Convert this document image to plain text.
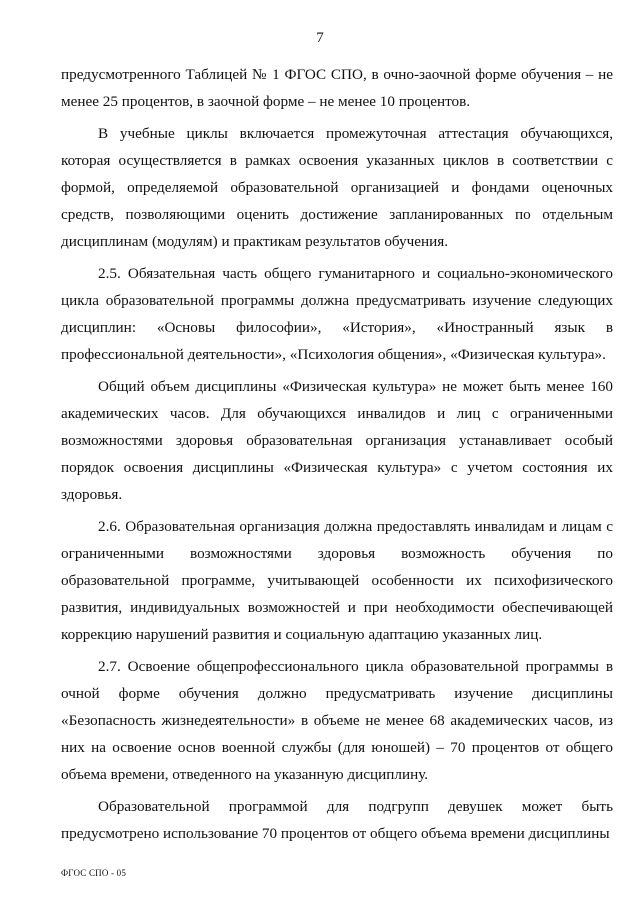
7

предусмотренного Таблицей № 1 ФГОС СПО, в очно-заочной форме обучения – не менее 25 процентов, в заочной форме – не менее 10 процентов.

В учебные циклы включается промежуточная аттестация обучающихся, которая осуществляется в рамках освоения указанных циклов в соответствии с формой, определяемой образовательной организацией и фондами оценочных средств, позволяющими оценить достижение запланированных по отдельным дисциплинам (модулям) и практикам результатов обучения.

2.5. Обязательная часть общего гуманитарного и социально-экономического цикла образовательной программы должна предусматривать изучение следующих дисциплин: «Основы философии», «История», «Иностранный язык в профессиональной деятельности», «Психология общения», «Физическая культура».

Общий объем дисциплины «Физическая культура» не может быть менее 160 академических часов. Для обучающихся инвалидов и лиц с ограниченными возможностями здоровья образовательная организация устанавливает особый порядок освоения дисциплины «Физическая культура» с учетом состояния их здоровья.

2.6. Образовательная организация должна предоставлять инвалидам и лицам с ограниченными возможностями здоровья возможность обучения по образовательной программе, учитывающей особенности их психофизического развития, индивидуальных возможностей и при необходимости обеспечивающей коррекцию нарушений развития и социальную адаптацию указанных лиц.

2.7. Освоение общепрофессионального цикла образовательной программы в очной форме обучения должно предусматривать изучение дисциплины «Безопасность жизнедеятельности» в объеме не менее 68 академических часов, из них на освоение основ военной службы (для юношей) – 70 процентов от общего объема времени, отведенного на указанную дисциплину.

Образовательной программой для подгрупп девушек может быть предусмотрено использование 70 процентов от общего объема времени дисциплины

ФГОС СПО - 05
